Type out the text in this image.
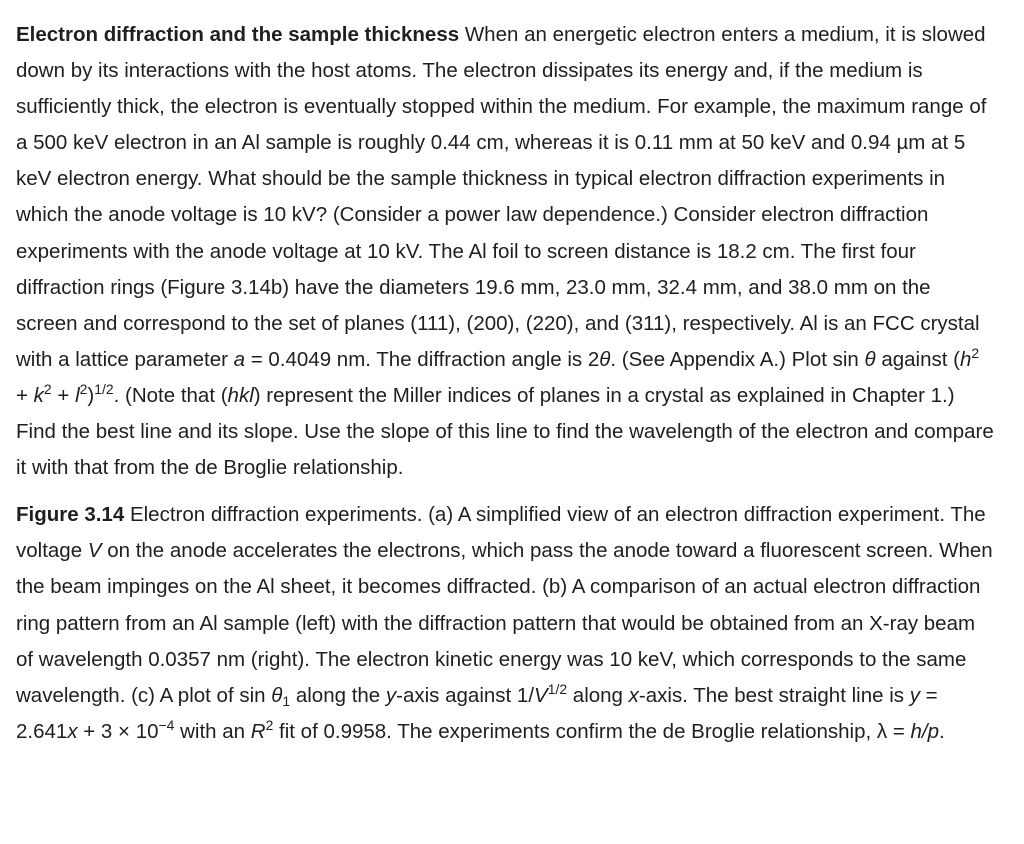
Electron diffraction and the sample thickness When an energetic electron enters a medium, it is slowed down by its interactions with the host atoms. The electron dissipates its energy and, if the medium is sufficiently thick, the electron is eventually stopped within the medium. For example, the maximum range of a 500 keV electron in an Al sample is roughly 0.44 cm, whereas it is 0.11 mm at 50 keV and 0.94 µm at 5 keV electron energy. What should be the sample thickness in typical electron diffraction experiments in which the anode voltage is 10 kV? (Consider a power law dependence.) Consider electron diffraction experiments with the anode voltage at 10 kV. The Al foil to screen distance is 18.2 cm. The first four diffraction rings (Figure 3.14b) have the diameters 19.6 mm, 23.0 mm, 32.4 mm, and 38.0 mm on the screen and correspond to the set of planes (111), (200), (220), and (311), respectively. Al is an FCC crystal with a lattice parameter a = 0.4049 nm. The diffraction angle is 2θ. (See Appendix A.) Plot sin θ against $(h^2 + k^2 + l^2)^{1/2}$. (Note that (hkl) represent the Miller indices of planes in a crystal as explained in Chapter 1.) Find the best line and its slope. Use the slope of this line to find the wavelength of the electron and compare it with that from the de Broglie relationship.

Figure 3.14 Electron diffraction experiments. (a) A simplified view of an electron diffraction experiment. The voltage V on the anode accelerates the electrons, which pass the anode toward a fluorescent screen. When the beam impinges on the Al sheet, it becomes diffracted. (b) A comparison of an actual electron diffraction ring pattern from an Al sample (left) with the diffraction pattern that would be obtained from an X-ray beam of wavelength 0.0357 nm (right). The electron kinetic energy was 10 keV, which corresponds to the same wavelength. (c) A plot of $\sin \theta_1$ along the y-axis against $1/V^{1/2}$ along x-axis. The best straight line is $y = 2.641x + 3 \times 10^{-4}$ with an $R^2$ fit of 0.9958. The experiments confirm the de Broglie relationship, λ = h/p.
